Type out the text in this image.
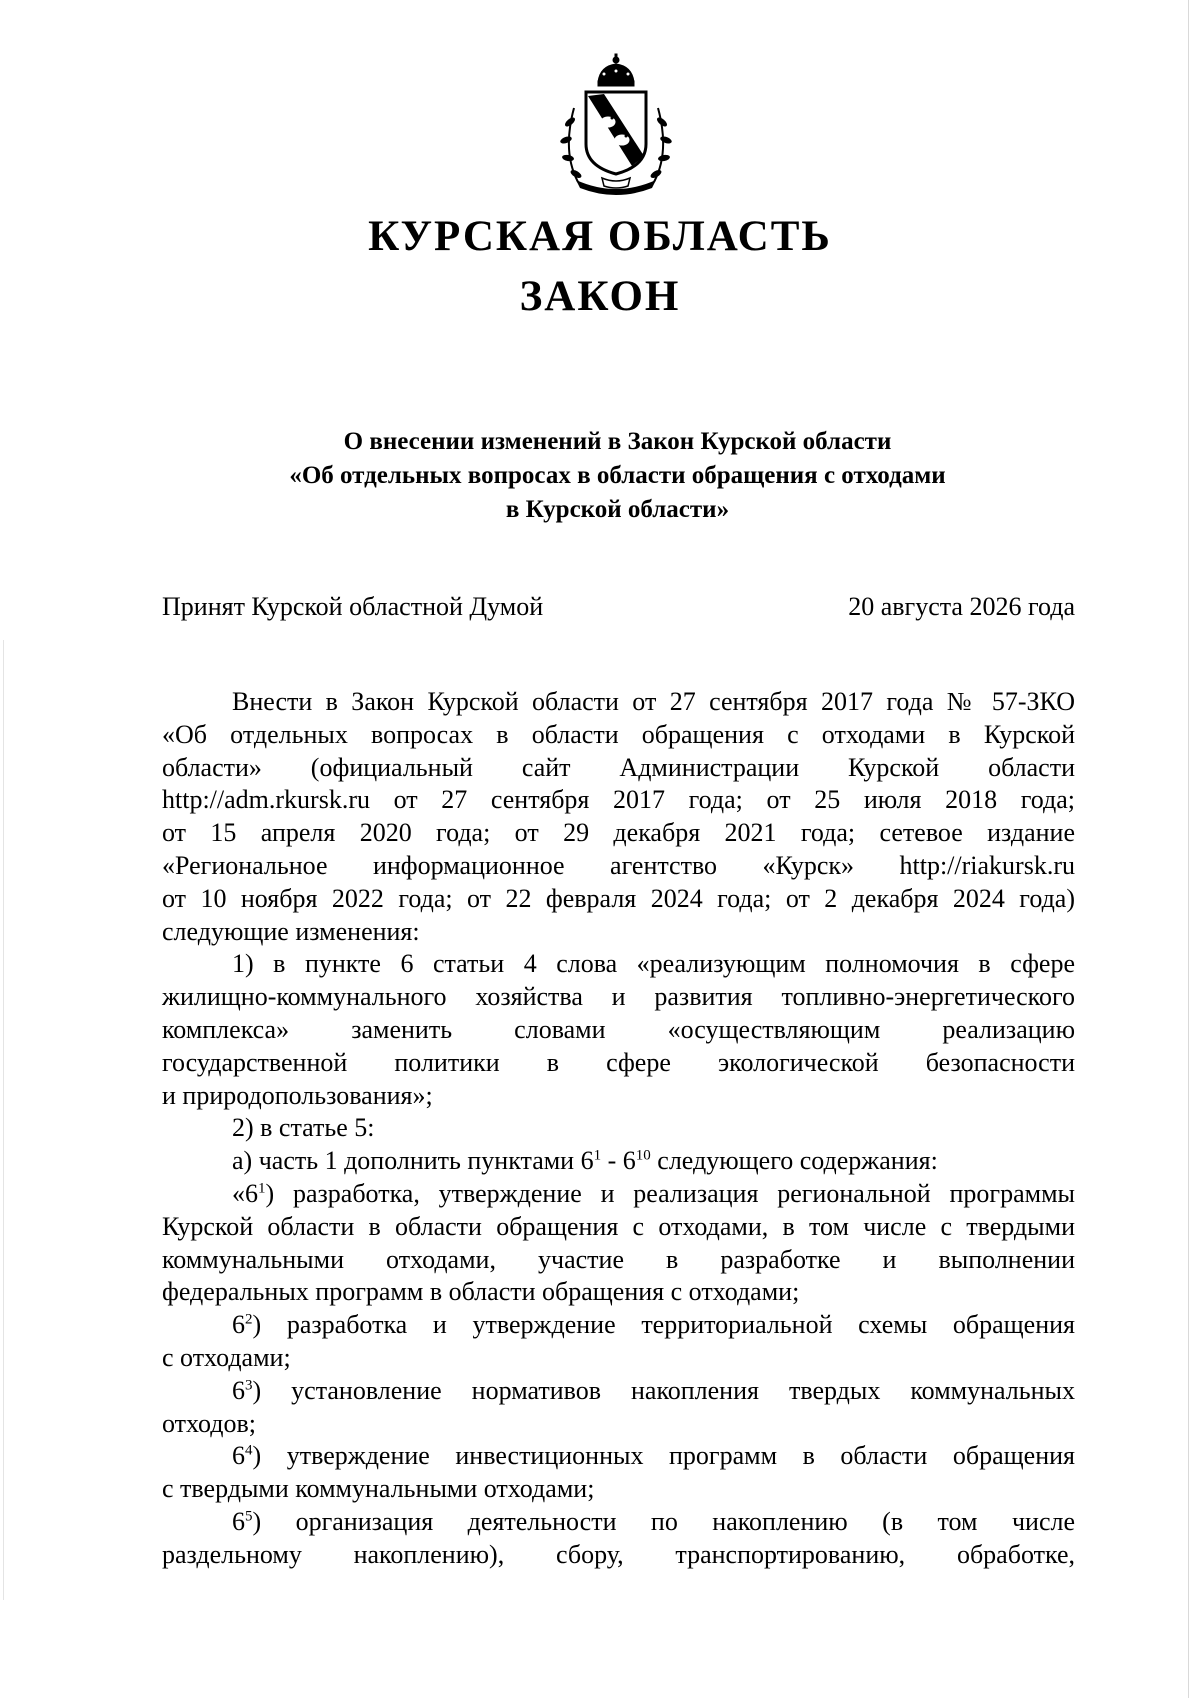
КУРСКАЯ ОБЛАСТЬ
ЗАКОН
О внесении изменений в Закон Курской области
«Об отдельных вопросах в области обращения с отходами
в Курской области»
Принят Курской областной Думой	20 августа 2026 года
Внести в Закон Курской области от 27 сентября 2017 года № 57-ЗКО
«Об отдельных вопросах в области обращения с отходами в Курской
области» (официальный сайт Администрации Курской области
http://adm.rkursk.ru от 27 сентября 2017 года; от 25 июля 2018 года;
от 15 апреля 2020 года; от 29 декабря 2021 года; сетевое издание
«Региональное информационное агентство «Курск» http://riakursk.ru
от 10 ноября 2022 года; от 22 февраля 2024 года; от 2 декабря 2024 года)
следующие изменения:
1) в пункте 6 статьи 4 слова «реализующим полномочия в сфере
жилищно-коммунального хозяйства и развития топливно-энергетического
комплекса» заменить словами «осуществляющим реализацию
государственной политики в сфере экологической безопасности
и природопользования»;
2) в статье 5:
а) часть 1 дополнить пунктами $6^1 - 6^{10}$ следующего содержания:
«$6^1$) разработка, утверждение и реализация региональной программы
Курской области в области обращения с отходами, в том числе с твердыми
коммунальными отходами, участие в разработке и выполнении
федеральных программ в области обращения с отходами;
$6^2$) разработка и утверждение территориальной схемы обращения
с отходами;
$6^3$) установление нормативов накопления твердых коммунальных
отходов;
$6^4$) утверждение инвестиционных программ в области обращения
с твердыми коммунальными отходами;
$6^5$) организация деятельности по накоплению (в том числе
раздельному накоплению), сбору, транспортированию, обработке,
